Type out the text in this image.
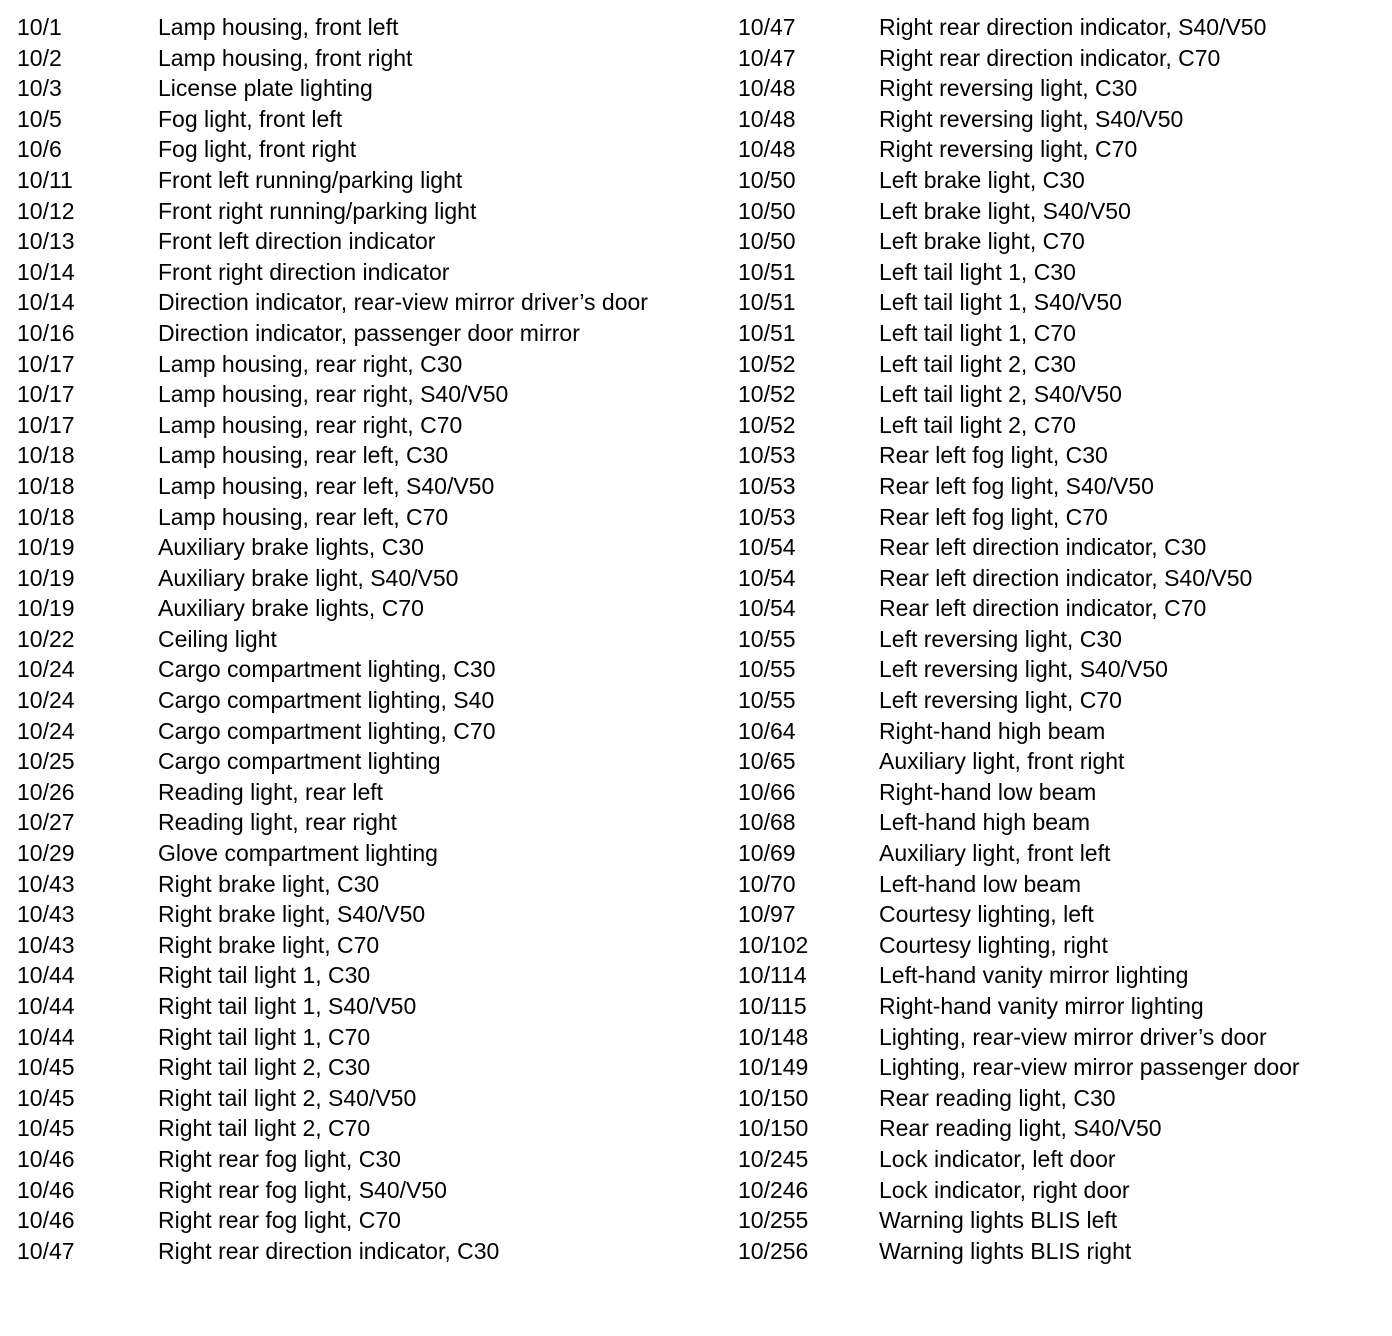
10/1	Lamp housing, front left
10/2	Lamp housing, front right
10/3	License plate lighting
10/5	Fog light, front left
10/6	Fog light, front right
10/11	Front left running/parking light
10/12	Front right running/parking light
10/13	Front left direction indicator
10/14	Front right direction indicator
10/14	Direction indicator, rear-view mirror driver’s door
10/16	Direction indicator, passenger door mirror
10/17	Lamp housing, rear right, C30
10/17	Lamp housing, rear right, S40/V50
10/17	Lamp housing, rear right, C70
10/18	Lamp housing, rear left, C30
10/18	Lamp housing, rear left, S40/V50
10/18	Lamp housing, rear left, C70
10/19	Auxiliary brake lights, C30
10/19	Auxiliary brake light, S40/V50
10/19	Auxiliary brake lights, C70
10/22	Ceiling light
10/24	Cargo compartment lighting, C30
10/24	Cargo compartment lighting, S40
10/24	Cargo compartment lighting, C70
10/25	Cargo compartment lighting
10/26	Reading light, rear left
10/27	Reading light, rear right
10/29	Glove compartment lighting
10/43	Right brake light, C30
10/43	Right brake light, S40/V50
10/43	Right brake light, C70
10/44	Right tail light 1, C30
10/44	Right tail light 1, S40/V50
10/44	Right tail light 1, C70
10/45	Right tail light 2, C30
10/45	Right tail light 2, S40/V50
10/45	Right tail light 2, C70
10/46	Right rear fog light, C30
10/46	Right rear fog light, S40/V50
10/46	Right rear fog light, C70
10/47	Right rear direction indicator, C30
10/47	Right rear direction indicator, S40/V50
10/47	Right rear direction indicator, C70
10/48	Right reversing light, C30
10/48	Right reversing light, S40/V50
10/48	Right reversing light, C70
10/50	Left brake light, C30
10/50	Left brake light, S40/V50
10/50	Left brake light, C70
10/51	Left tail light 1, C30
10/51	Left tail light 1, S40/V50
10/51	Left tail light 1, C70
10/52	Left tail light 2, C30
10/52	Left tail light 2, S40/V50
10/52	Left tail light 2, C70
10/53	Rear left fog light, C30
10/53	Rear left fog light, S40/V50
10/53	Rear left fog light, C70
10/54	Rear left direction indicator, C30
10/54	Rear left direction indicator, S40/V50
10/54	Rear left direction indicator, C70
10/55	Left reversing light, C30
10/55	Left reversing light, S40/V50
10/55	Left reversing light, C70
10/64	Right-hand high beam
10/65	Auxiliary light, front right
10/66	Right-hand low beam
10/68	Left-hand high beam
10/69	Auxiliary light, front left
10/70	Left-hand low beam
10/97	Courtesy lighting, left
10/102	Courtesy lighting, right
10/114	Left-hand vanity mirror lighting
10/115	Right-hand vanity mirror lighting
10/148	Lighting, rear-view mirror driver’s door
10/149	Lighting, rear-view mirror passenger door
10/150	Rear reading light, C30
10/150	Rear reading light, S40/V50
10/245	Lock indicator, left door
10/246	Lock indicator, right door
10/255	Warning lights BLIS left
10/256	Warning lights BLIS right
